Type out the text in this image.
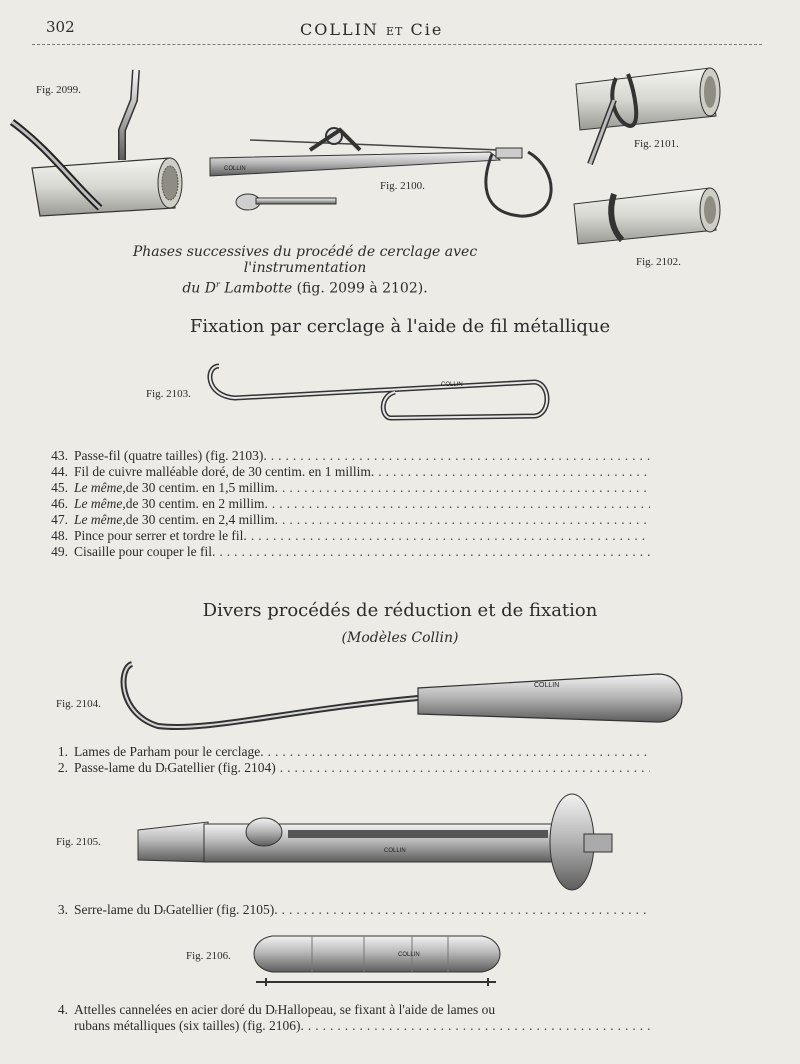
302	COLLIN ET Cie
Fig. 2099.
COLLIN
Fig. 2100.
Fig. 2101.
Fig. 2102.
Phases successives du procédé de cerclage avec l'instrumentation
du $D^r$ Lambotte (fig. 2099 à 2102).
Fixation par cerclage à l'aide de fil métallique
Fig. 2103.
COLLIN
43. Passe-fil (quatre tailles) (fig. 2103).
.....
44. Fil de cuivre malléable doré, de 30 centim. en 1 millim.
.....
45. Le même, de 30 centim. en 1,5 millim.
.....
46. Le même, de 30 centim. en 2 millim.
.....
47. Le même, de 30 centim. en 2,4 millim.
.....
48. Pince pour serrer et tordre le fil.
.....
49. Cisaille pour couper le fil.
.....
Divers procédés de réduction et de fixation
(Modèles Collin)
Fig. 2104.
COLLIN
1. Lames de Parham pour le cerclage.
.....
2. Passe-lame du D r Gatellier (fig. 2104)
.....
Fig. 2105.
COLLIN
3. Serre-lame du D r Gatellier (fig. 2105).
.....
Fig. 2106.	COLLIN
4. Attelles cannelées en acier doré du D r Hallopeau, se fixant à l'aide de lames ou
rubans métalliques (six tailles) (fig. 2106).
.....
